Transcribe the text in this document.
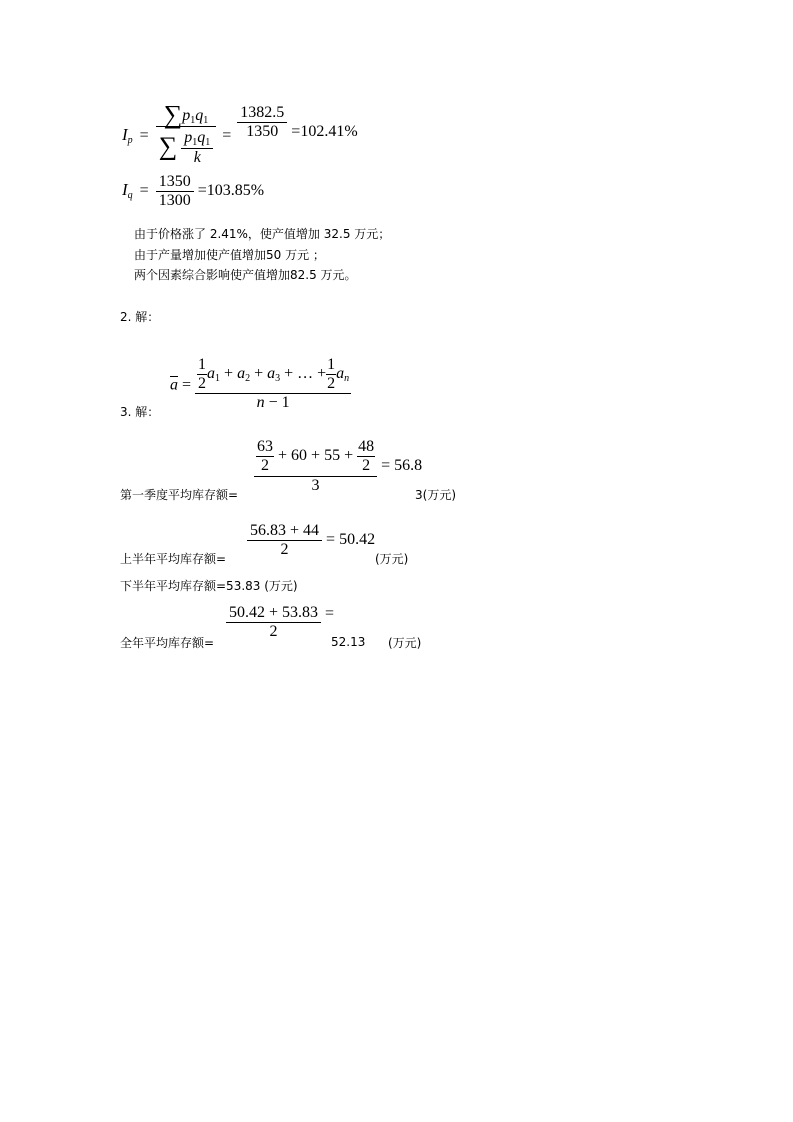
$I_p = \frac{\sum p_1q_1}{\sum \frac{p_1q_1}{k}} = \frac{1382.5}{1350} =102.41\%$
$I_q = \frac{1350}{1300} =103.85\%$
由于价格涨了 2.41%，使产值增加 32.5 万元；
由于产量增加使产值增加50 万元 ；
两个因素综合影响使产值增加82.5 万元。
2. 解：
3. 解：
$\overline{a} = \frac{1}{2} a_1 + a_2 + a_3$ + … + $\frac{1}{2} a_n$
n − 1
第一季度平均库存额=
$\frac{63}{2} + 60 + 55 + \frac{48}{2}$
3
= 56.8
3(万元)
上半年平均库存额= $\frac{56.83 + 44}{2} = 50.42$
(万元)
下半年平均库存额=53.83 (万元)
全年平均库存额=
$\frac{50.42 + 53.83}{2}$ =
52.13 (万元)
